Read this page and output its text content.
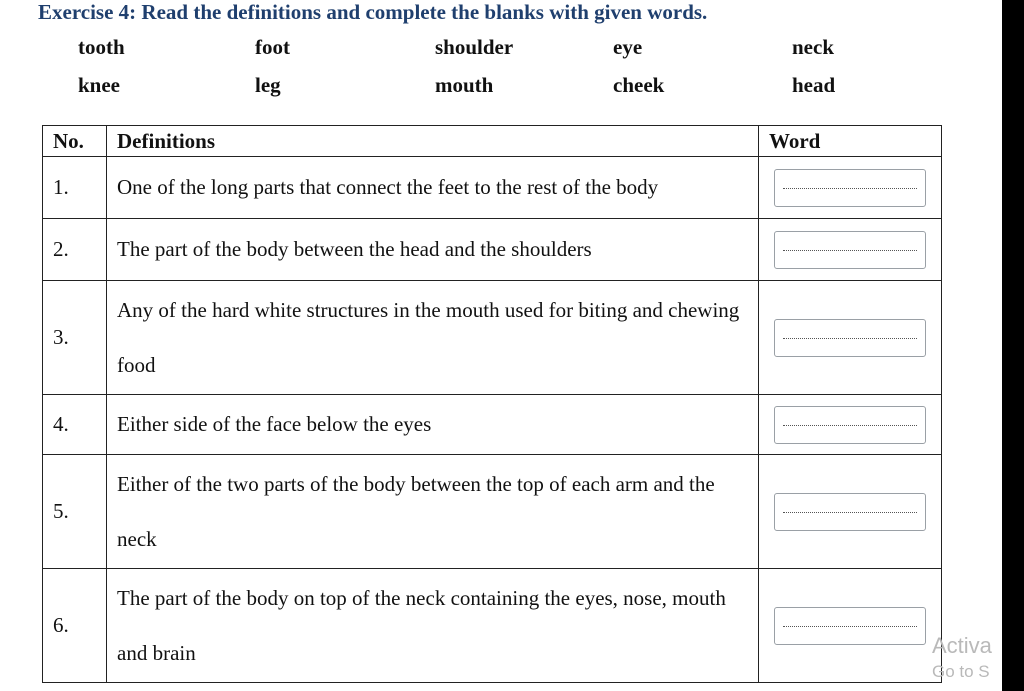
Exercise 4: Read the definitions and complete the blanks with given words.
tooth	foot	shoulder	eye	neck
knee	leg	mouth	cheek	head
No.	Definitions	Word
1.	One of the long parts that connect the feet to the rest of the body	

2.	The part of the body between the head and the shoulders	

3.	Any of the hard white structures in the mouth used for biting and chewing food	

4.	Either side of the face below the eyes	

5.	Either of the two parts of the body between the top of each arm and the neck	

6.	The part of the body on top of the neck containing the eyes, nose, mouth and brain		Activa
Go to S
